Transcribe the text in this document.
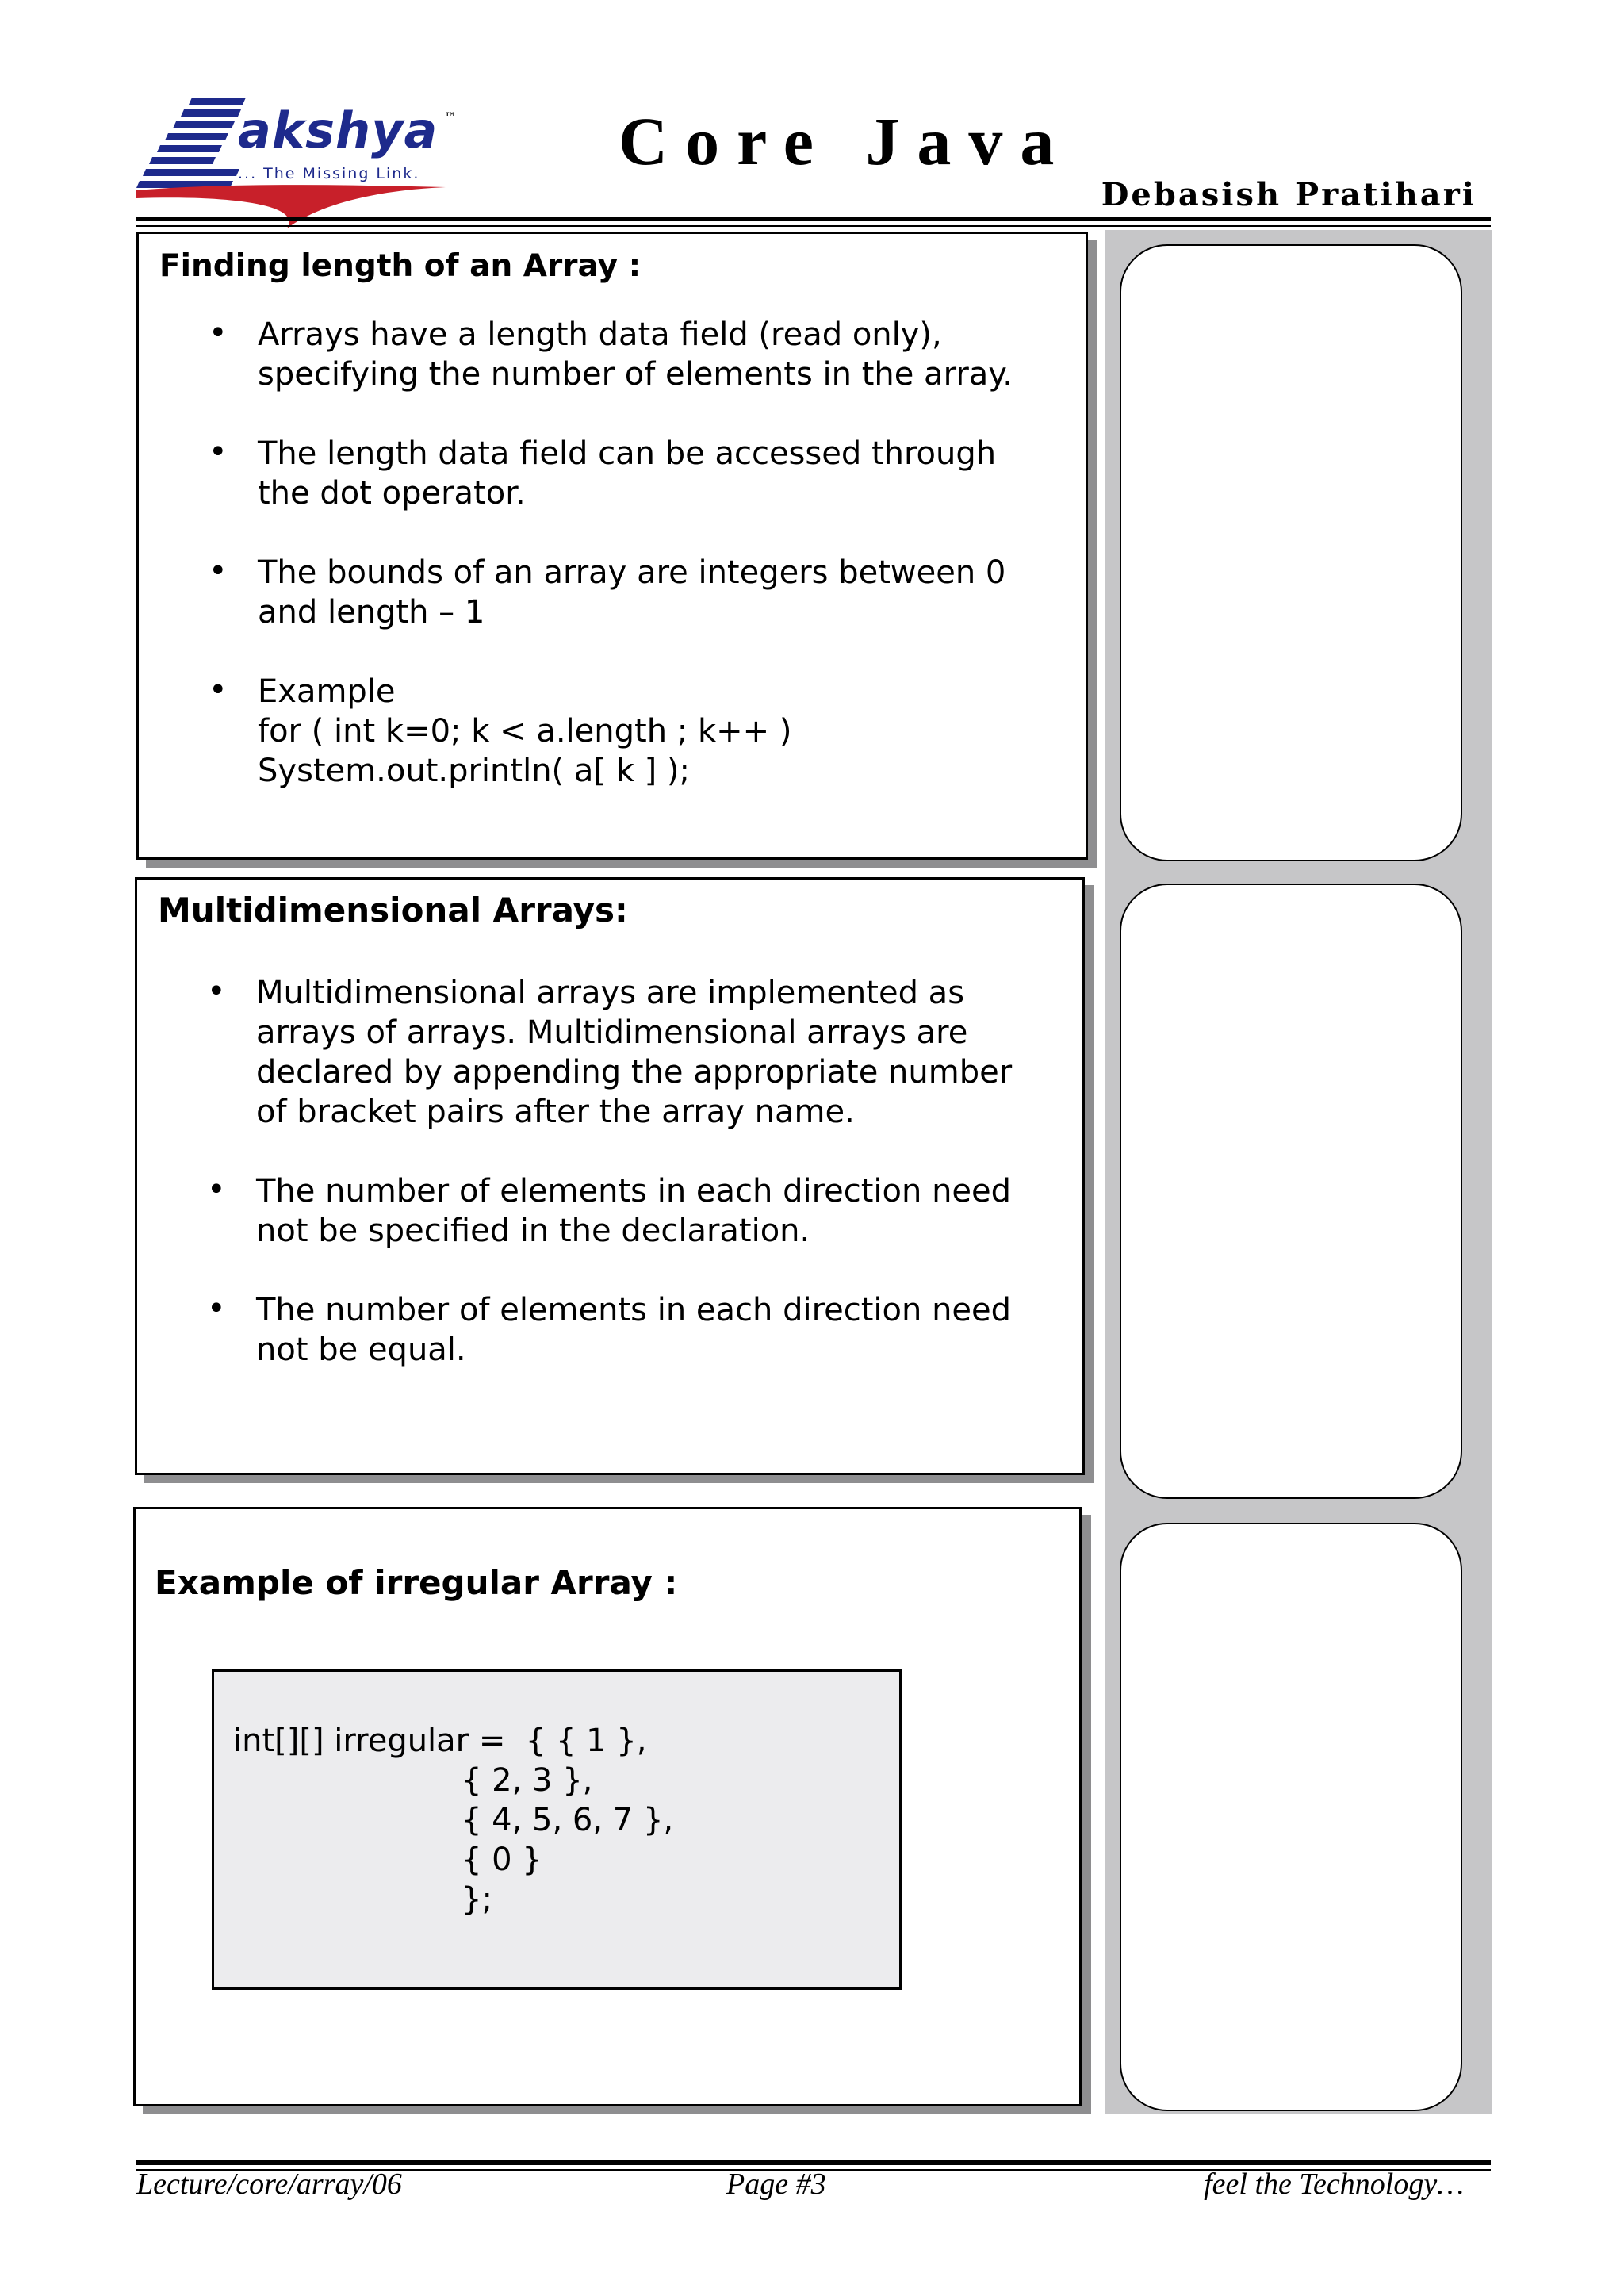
akshya ™
... The Missing Link.	Core Java
Debasish Pratihari
Finding length of an Array :
• Arrays have a length data field (read only),
specifying the number of elements in the array.
• The length data field can be accessed through
the dot operator.
• The bounds of an array are integers between 0
and length – 1
• Example
for ( int k=0; k < a.length ; k++ )
System.out.println( a[ k ] );
Multidimensional Arrays:
• Multidimensional arrays are implemented as
arrays of arrays. Multidimensional arrays are
declared by appending the appropriate number
of bracket pairs after the array name.
• The number of elements in each direction need
not be specified in the declaration.
• The number of elements in each direction need
not be equal.
Example of irregular Array :
int[][] irregular =  { { 1 },
{ 2, 3 },
{ 4, 5, 6, 7 },
{ 0 }
};
Lecture/core/array/06	Page #3	feel the Technology…
